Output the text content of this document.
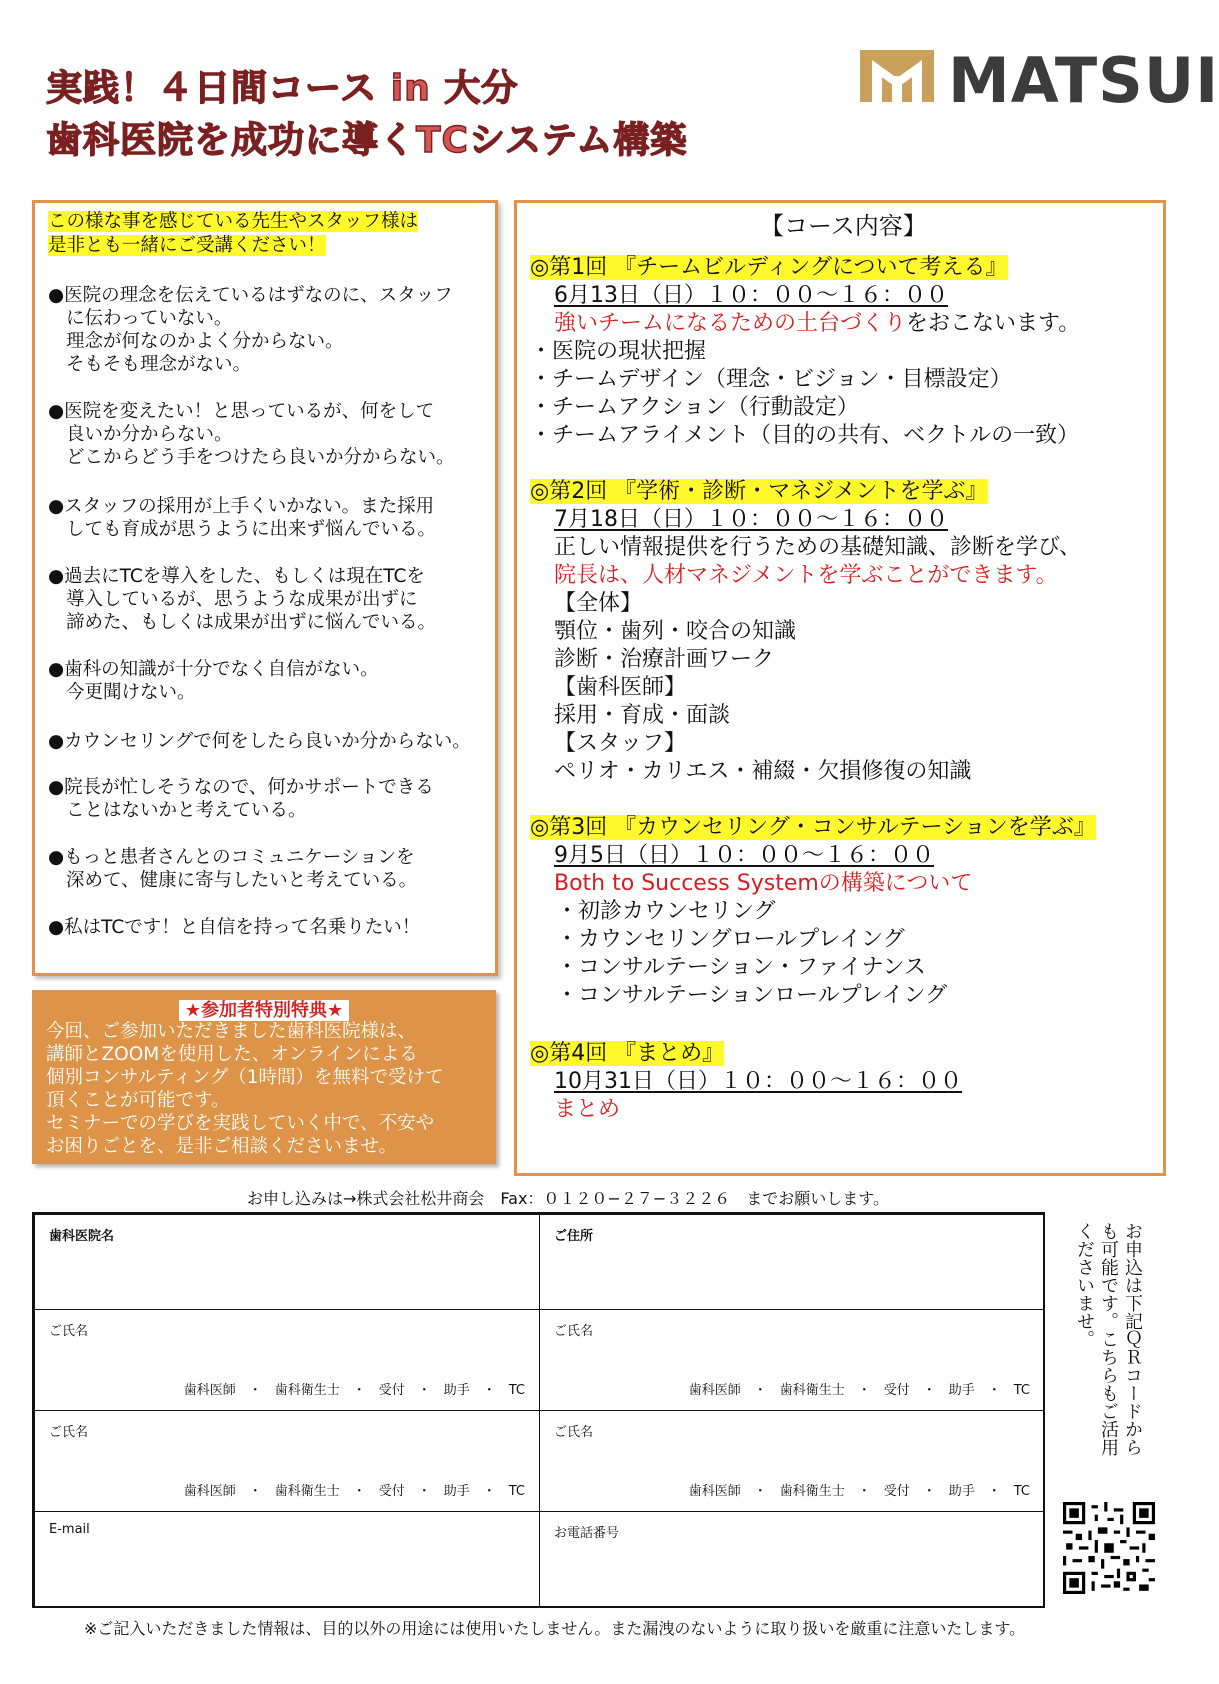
実践！４日間コース in 大分
歯科医院を成功に導くTCシステム構築
MATSUI
この様な事を感じている先生やスタッフ様は
是非とも一緒にご受講ください！
●医院の理念を伝えているはずなのに、スタッフ
に伝わっていない。
理念が何なのかよく分からない。
そもそも理念がない。
●医院を変えたい！と思っているが、何をして
良いか分からない。
どこからどう手をつけたら良いか分からない。
●スタッフの採用が上手くいかない。また採用
しても育成が思うように出来ず悩んでいる。
●過去にTCを導入をした、もしくは現在TCを
導入しているが、思うような成果が出ずに
諦めた、もしくは成果が出ずに悩んでいる。
●歯科の知識が十分でなく自信がない。
今更聞けない。
●カウンセリングで何をしたら良いか分からない。
●院長が忙しそうなので、何かサポートできる
ことはないかと考えている。
●もっと患者さんとのコミュニケーションを
深めて、健康に寄与したいと考えている。
●私はTCです！と自信を持って名乗りたい！
★参加者特別特典★
今回、ご参加いただきました歯科医院様は、
講師とZOOMを使用した、オンラインによる
個別コンサルティング（1時間）を無料で受けて
頂くことが可能です。
セミナーでの学びを実践していく中で、不安や
お困りごとを、是非ご相談くださいませ。
【コース内容】
◎第1回 『チームビルディングについて考える』
6月13日（日）１０：００〜１６：００
強いチームになるための土台づくりをおこないます。
・医院の現状把握
・チームデザイン（理念・ビジョン・目標設定）
・チームアクション（行動設定）
・チームアライメント（目的の共有、ベクトルの一致）
◎第2回 『学術・診断・マネジメントを学ぶ』
7月18日（日）１０：００〜１６：００
正しい情報提供を行うための基礎知識、診断を学び、
院長は、人材マネジメントを学ぶことができます。
【全体】
顎位・歯列・咬合の知識
診断・治療計画ワーク
【歯科医師】
採用・育成・面談
【スタッフ】
ペリオ・カリエス・補綴・欠損修復の知識
◎第3回 『カウンセリング・コンサルテーションを学ぶ』
9月5日（日）１０：００〜１６：００
Both to Success Systemの構築について
・初診カウンセリング
・カウンセリングロールプレイング
・コンサルテーション・ファイナンス
・コンサルテーションロールプレイング
◎第4回 『まとめ』
10月31日（日）１０：００〜１６：００
まとめ
お申し込みは→株式会社松井商会　Fax：０１２０−２７−３２２６　までお願いします。
歯科医院名	ご住所
ご氏名
歯科医師　・　歯科衛生士　・　受付　・　助手　・　TC
ご氏名
歯科医師　・　歯科衛生士　・　受付　・　助手　・　TC
ご氏名
歯科医師　・　歯科衛生士　・　受付　・　助手　・　TC
ご氏名
歯科医師　・　歯科衛生士　・　受付　・　助手　・　TC
E-mail	お電話番号
お申込は下記ＱＲコードから
も可能です。こちらもご活用
くださいませ。
※ご記入いただきました情報は、目的以外の用途には使用いたしません。また漏洩のないように取り扱いを厳重に注意いたします。
